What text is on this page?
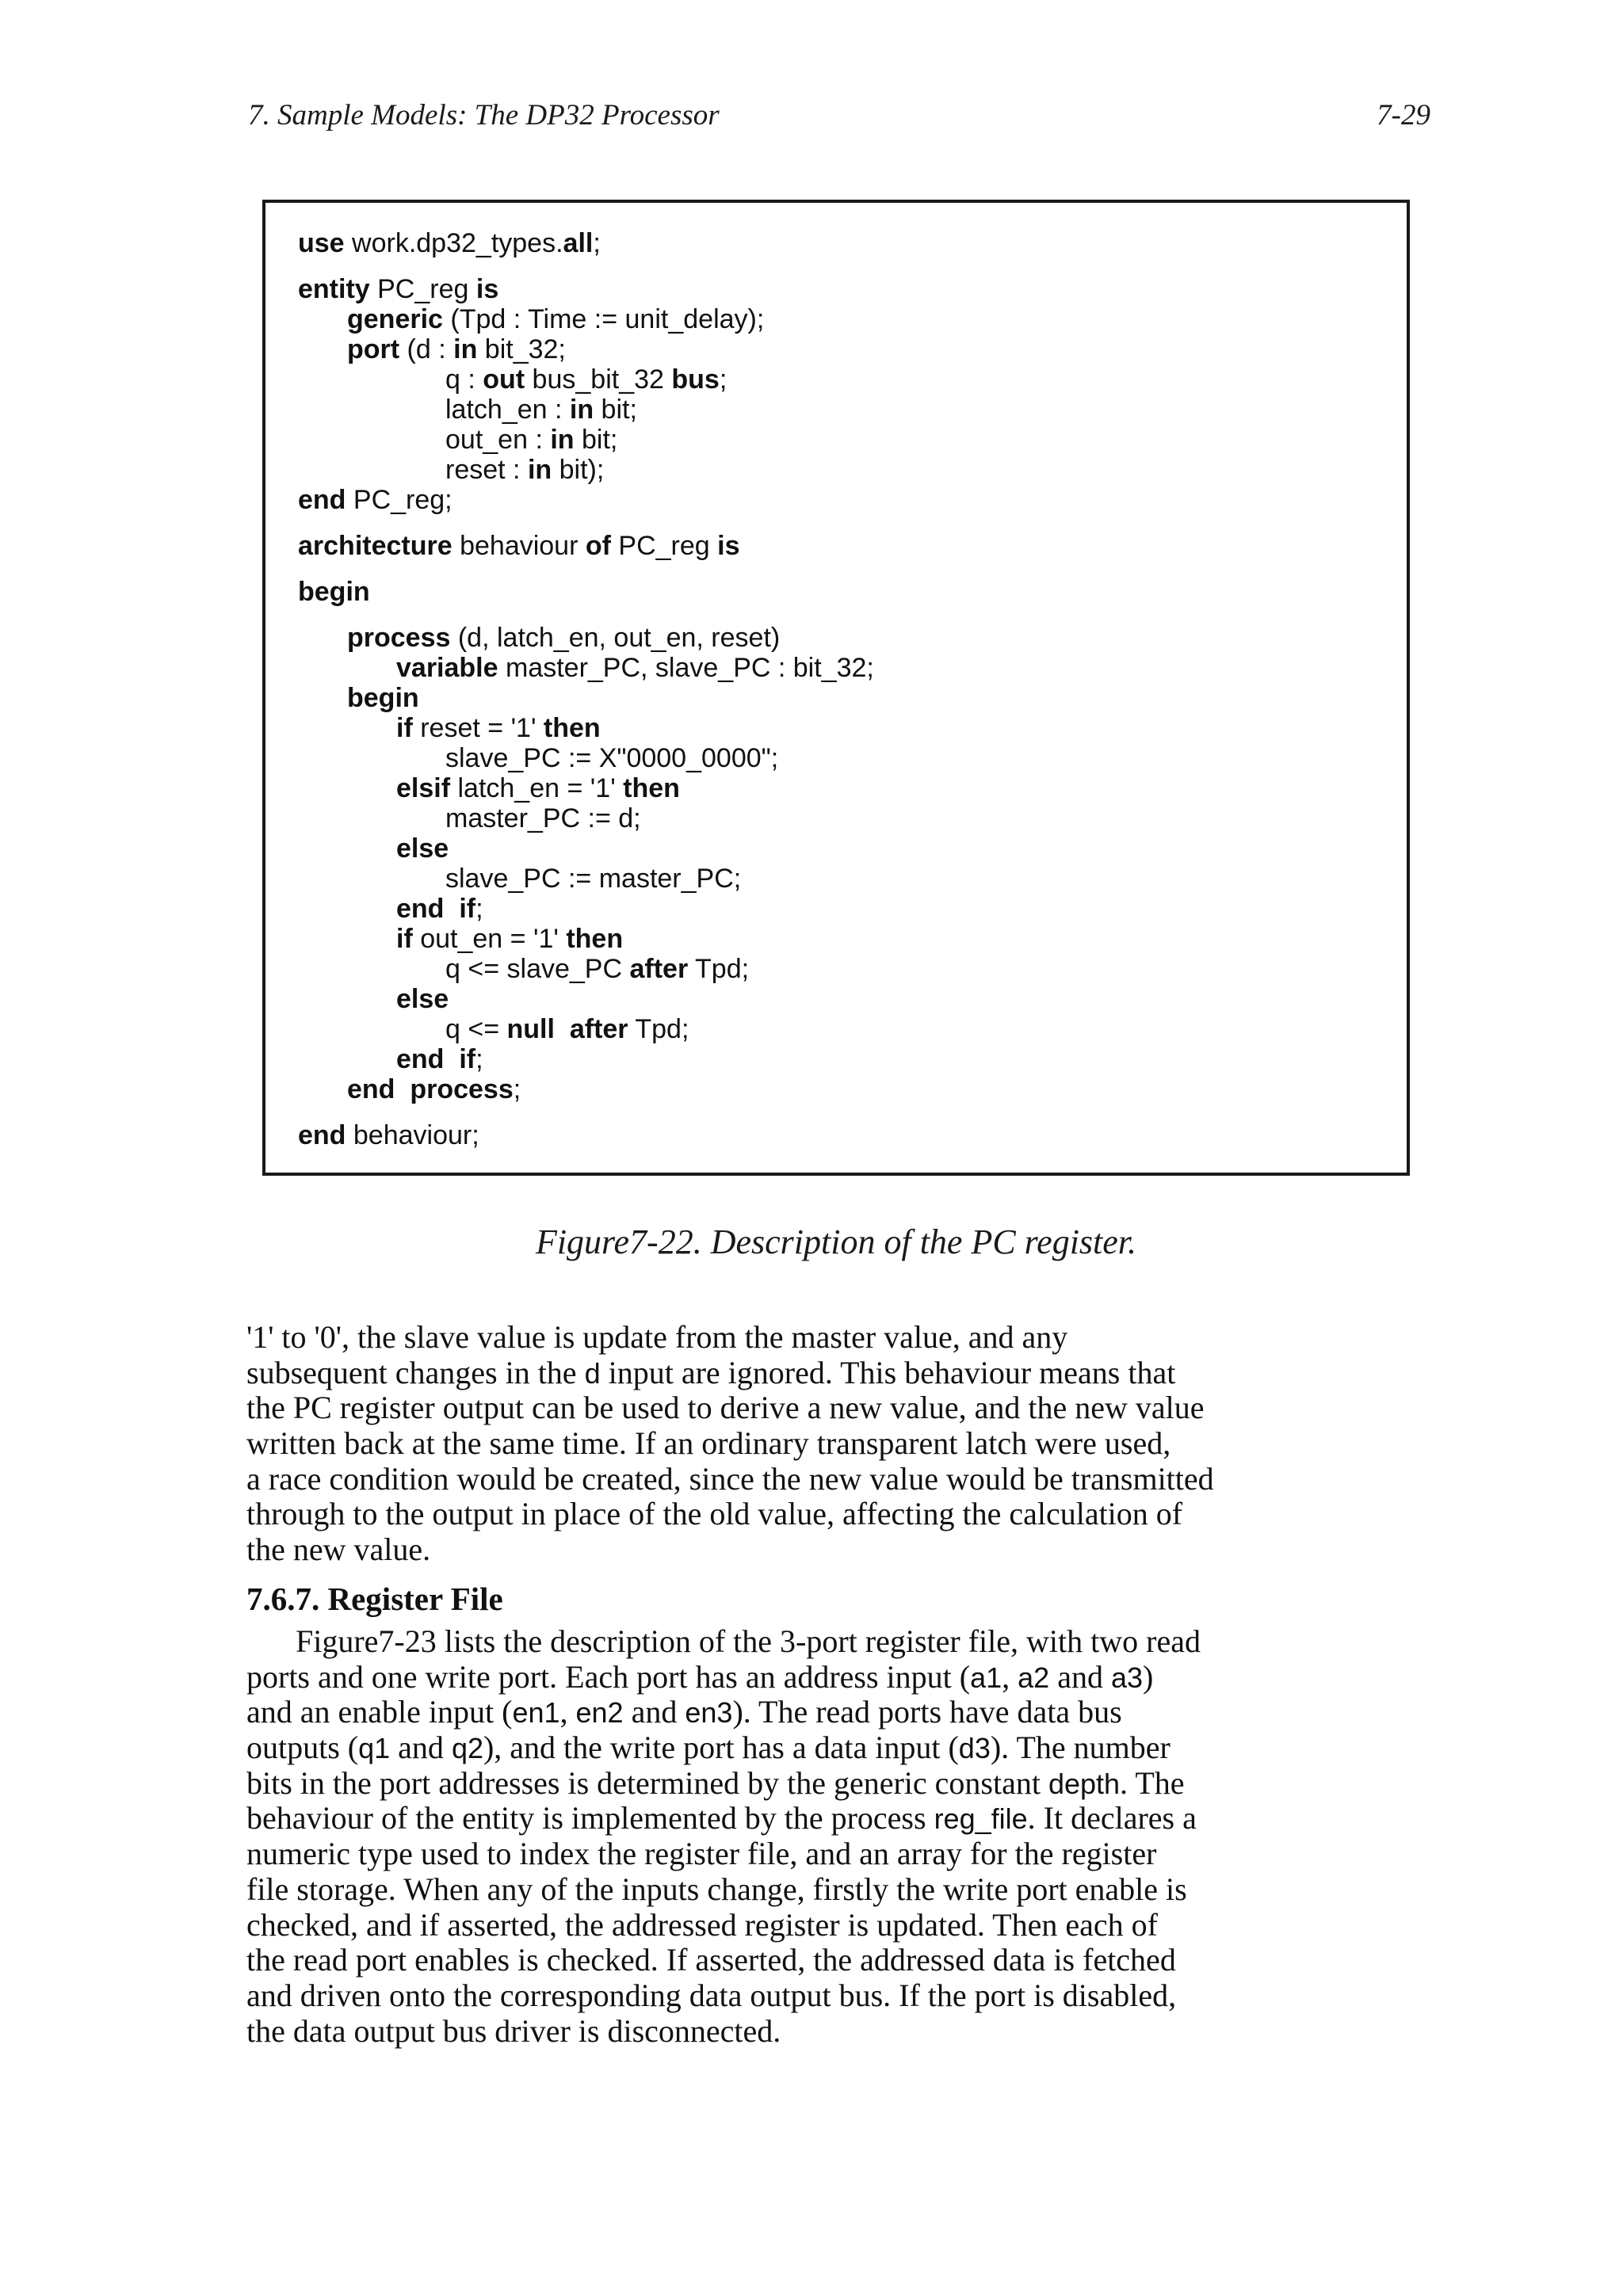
7. Sample Models: The DP32 Processor	7-29
use work.dp32_types.all;
entity PC_reg is
generic (Tpd : Time := unit_delay);
port (d : in bit_32;
q : out bus_bit_32 bus;
latch_en : in bit;
out_en : in bit;
reset : in bit);
end PC_reg;
architecture behaviour of PC_reg is
begin
process (d, latch_en, out_en, reset)
variable master_PC, slave_PC : bit_32;
begin
if reset = '1' then
slave_PC := X"0000_0000";
elsif latch_en = '1' then
master_PC := d;
else
slave_PC := master_PC;
end  if;
if out_en = '1' then
q <= slave_PC after Tpd;
else
q <= null  after Tpd;
end  if;
end  process;
end behaviour;
Figure7-22. Description of the PC register.
'1' to '0', the slave value is update from the master value, and any
subsequent changes in the d input are ignored. This behaviour means that
the PC register output can be used to derive a new value, and the new value
written back at the same time. If an ordinary transparent latch were used,
a race condition would be created, since the new value would be transmitted
through to the output in place of the old value, affecting the calculation of
the new value.
7.6.7. Register File
Figure7-23 lists the description of the 3-port register file, with two read
ports and one write port. Each port has an address input (a1, a2 and a3)
and an enable input (en1, en2 and en3). The read ports have data bus
outputs (q1 and q2), and the write port has a data input (d3). The number
bits in the port addresses is determined by the generic constant depth. The
behaviour of the entity is implemented by the process reg_file. It declares a
numeric type used to index the register file, and an array for the register
file storage. When any of the inputs change, firstly the write port enable is
checked, and if asserted, the addressed register is updated. Then each of
the read port enables is checked. If asserted, the addressed data is fetched
and driven onto the corresponding data output bus. If the port is disabled,
the data output bus driver is disconnected.
